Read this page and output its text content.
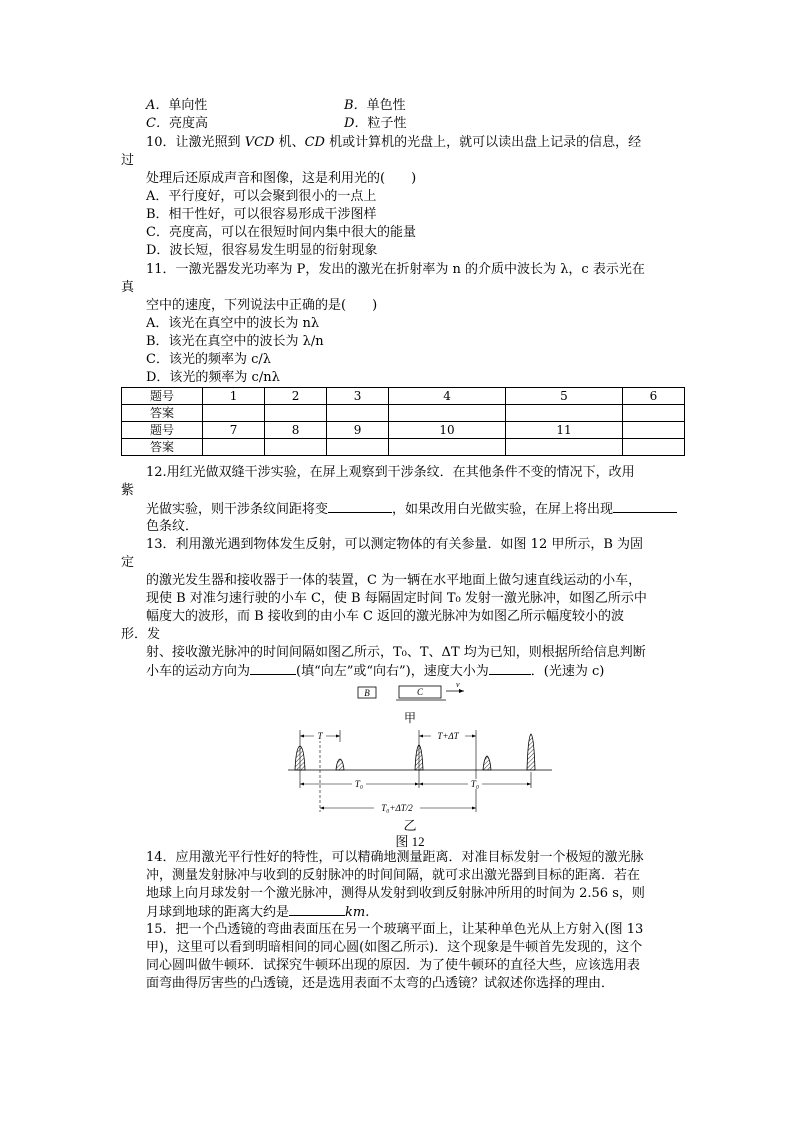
A．单向性	B．单色性
C．亮度高	D．粒子性
10．让激光照到 VCD 机、CD 机或计算机的光盘上，就可以读出盘上记录的信息，经
过
处理后还原成声音和图像，这是利用光的(　　)
A．平行度好，可以会聚到很小的一点上
B．相干性好，可以很容易形成干涉图样
C．亮度高，可以在很短时间内集中很大的能量
D．波长短，很容易发生明显的衍射现象
11．一激光器发光功率为 P，发出的激光在折射率为 n 的介质中波长为 λ，c 表示光在
真
空中的速度，下列说法中正确的是(　　)
A．该光在真空中的波长为 nλ
B．该光在真空中的波长为 λ/n
C．该光的频率为 c/λ
D．该光的频率为 c/nλ
题号	1	2	3	4	5	6
答案						
题号	7	8	9	10	11	
答案						
12.用红光做双缝干涉实验，在屏上观察到干涉条纹．在其他条件不变的情况下，改用
紫
光做实验，则干涉条纹间距将变	，如果改用白光做实验，在屏上将出现
色条纹．
13．利用激光遇到物体发生反射，可以测定物体的有关参量．如图 12 甲所示，B 为固
定
的激光发生器和接收器于一体的装置，C 为一辆在水平地面上做匀速直线运动的小车，
现使 B 对准匀速行驶的小车 C，使 B 每隔固定时间 T₀ 发射一激光脉冲，如图乙所示中
幅度大的波形，而 B 接收到的由小车 C 返回的激光脉冲为如图乙所示幅度较小的波
形．发
射、接收激光脉冲的时间间隔如图乙所示，T₀、T、ΔT 均为已知，则根据所给信息判断
小车的运动方向为	(填“向左”或“向右”)，速度大小为	．(光速为 c)
B	C
v
甲
T	T+ΔT
T₀	T₀
T₀+ΔT/2
乙
图 12
14．应用激光平行性好的特性，可以精确地测量距离．对准目标发射一个极短的激光脉
冲，测量发射脉冲与收到的反射脉冲的时间间隔，就可求出激光器到目标的距离．若在
地球上向月球发射一个激光脉冲，测得从发射到收到反射脉冲所用的时间为 2.56 s，则
月球到地球的距离大约是	km.
15．把一个凸透镜的弯曲表面压在另一个玻璃平面上，让某种单色光从上方射入(图 13
甲)，这里可以看到明暗相间的同心圆(如图乙所示)．这个现象是牛顿首先发现的，这个
同心圆叫做牛顿环．试探究牛顿环出现的原因．为了使牛顿环的直径大些，应该选用表
面弯曲得厉害些的凸透镜，还是选用表面不太弯的凸透镜？试叙述你选择的理由．
